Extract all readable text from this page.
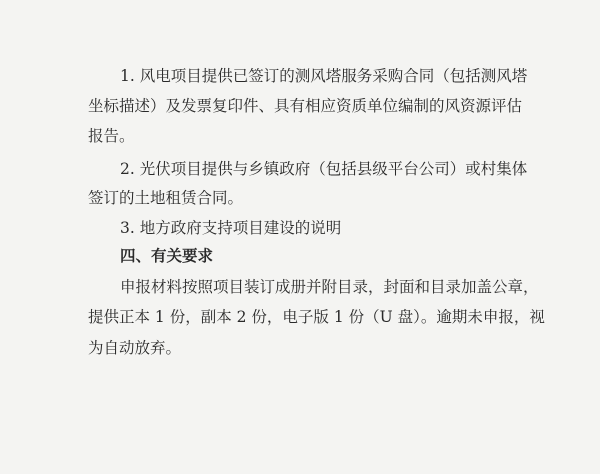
1. 风电项目提供已签订的测风塔服务采购合同（包括测风塔
坐标描述）及发票复印件、具有相应资质单位编制的风资源评估
报告。
2. 光伏项目提供与乡镇政府（包括县级平台公司）或村集体
签订的土地租赁合同。
3. 地方政府支持项目建设的说明
四、有关要求
申报材料按照项目装订成册并附目录，封面和目录加盖公章，
提供正本 1 份，副本 2 份，电子版 1 份（U 盘）。逾期未申报，视
为自动放弃。
